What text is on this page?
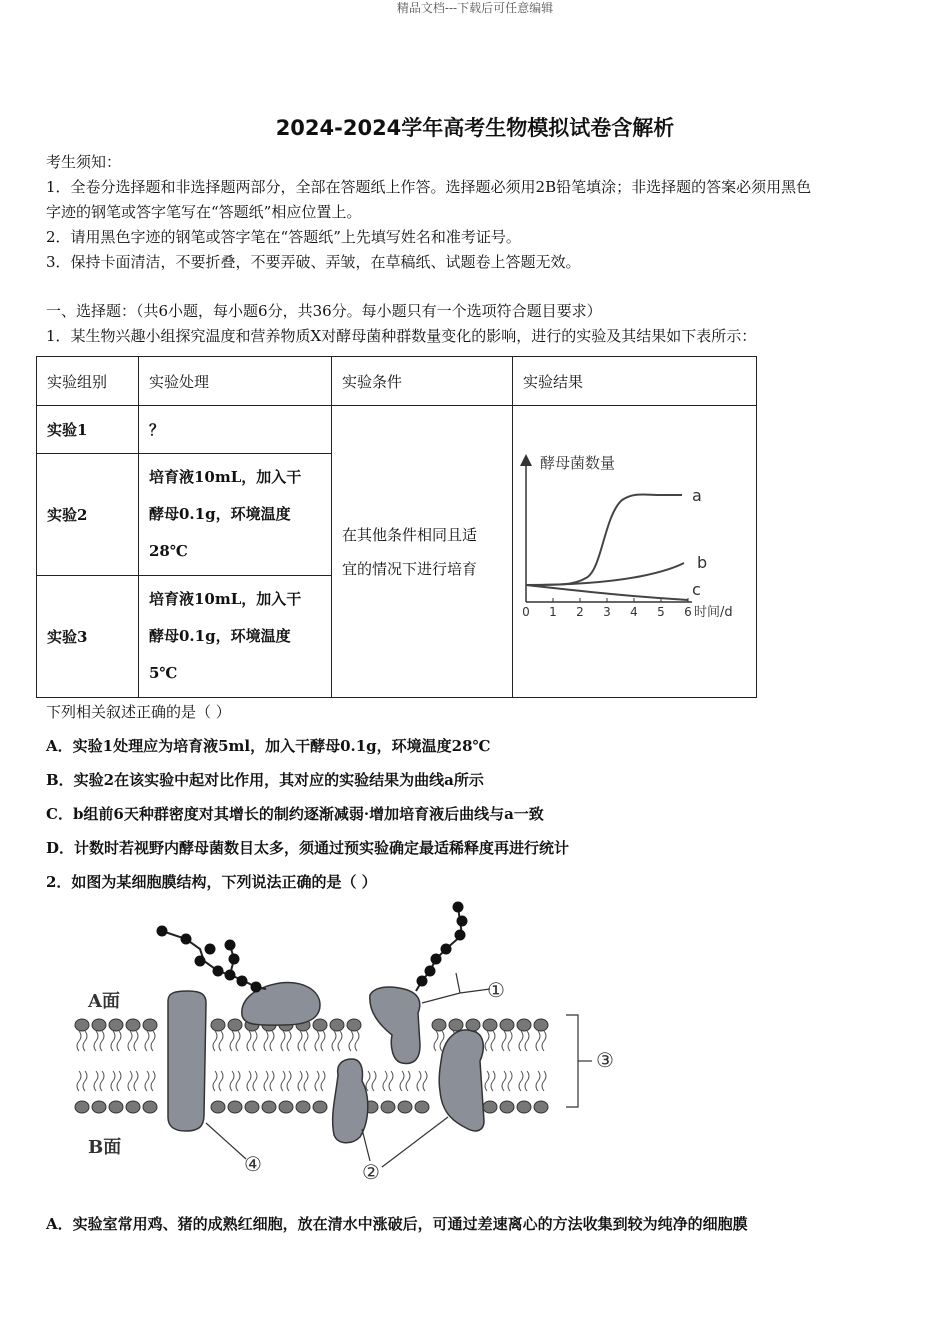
精品文档---下载后可任意编辑
2024-2024学年高考生物模拟试卷含解析
考生须知：
1．全卷分选择题和非选择题两部分，全部在答题纸上作答。选择题必须用2B铅笔填涂；非选择题的答案必须用黑色
字迹的钢笔或答字笔写在“答题纸”相应位置上。
2．请用黑色字迹的钢笔或答字笔在“答题纸”上先填写姓名和准考证号。
3．保持卡面清洁，不要折叠，不要弄破、弄皱，在草稿纸、试题卷上答题无效。
一、选择题：（共6小题，每小题6分，共36分。每小题只有一个选项符合题目要求）
1．某生物兴趣小组探究温度和营养物质X对酵母菌种群数量变化的影响，进行的实验及其结果如下表所示：
实验组别	实验处理	实验条件	实验结果
实验1	？	在其他条件相同且适
宜的情况下进行培育	

实验2	培育液10mL，加入干
酵母0.1g，环境温度
28℃		

实验3	培育液10mL，加入干
酵母0.1g，环境温度
5℃		
0 1 2 3 4 5 6 时间/d
酵母菌数量
a
b
c
下列相关叙述正确的是（ ）
A．实验1处理应为培育液5ml，加入干酵母0.1g，环境温度28℃
B．实验2在该实验中起对比作用，其对应的实验结果为曲线a所示
C．b组前6天种群密度对其增长的制约逐渐减弱·增加培育液后曲线与a一致
D．计数时若视野内酵母菌数目太多，须通过预实验确定最适稀释度再进行统计
2．如图为某细胞膜结构，下列说法正确的是（ ）
A面
B面
①
②
③
④
A．实验室常用鸡、猪的成熟红细胞，放在清水中涨破后，可通过差速离心的方法收集到较为纯净的细胞膜
